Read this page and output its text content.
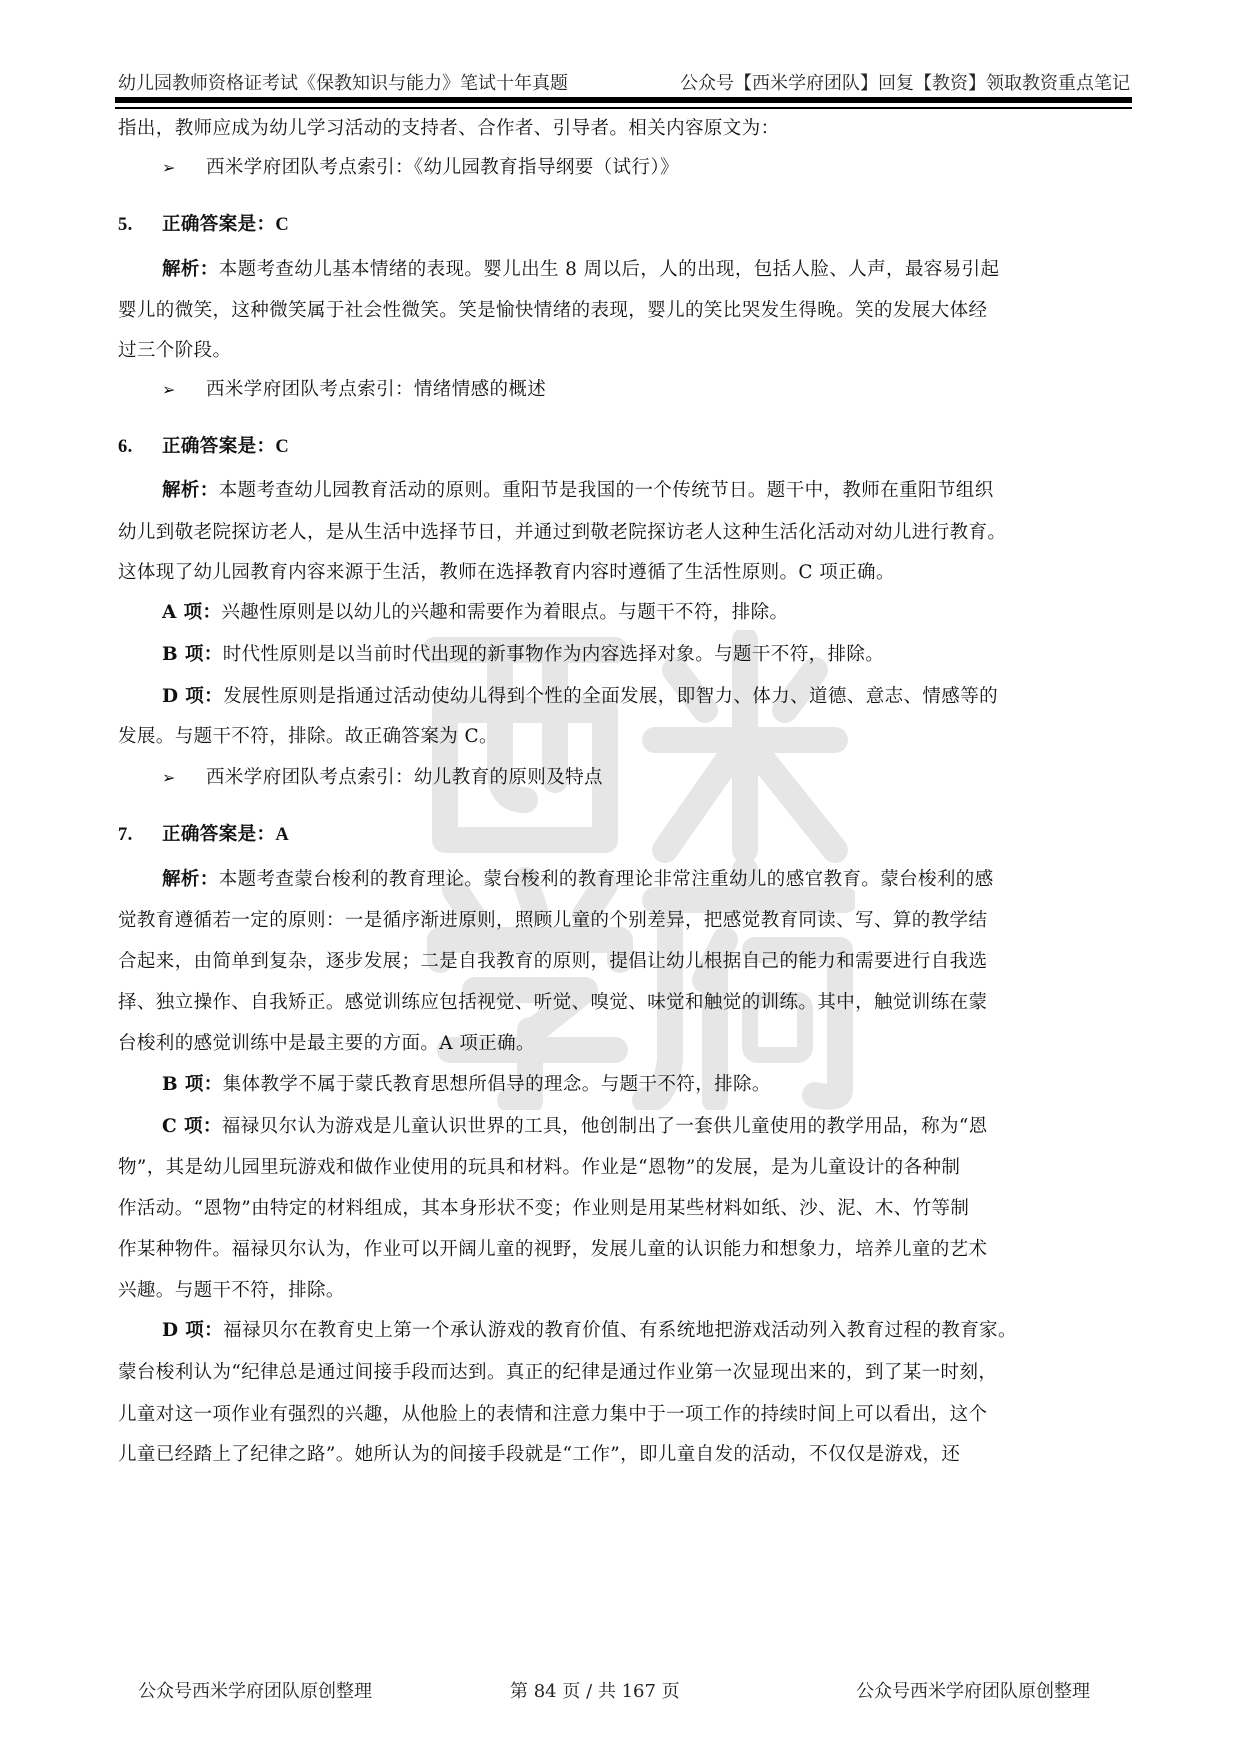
幼儿园教师资格证考试《保教知识与能力》笔试十年真题	公众号【西米学府团队】回复【教资】领取教资重点笔记
指出，教师应成为幼儿学习活动的支持者、合作者、引导者。相关内容原文为：
➢ 西米学府团队考点索引：《幼儿园教育指导纲要（试行）》
5. 正确答案是：C
解析：本题考查幼儿基本情绪的表现。婴儿出生 8 周以后，人的出现，包括人脸、人声，最容易引起
婴儿的微笑，这种微笑属于社会性微笑。笑是愉快情绪的表现，婴儿的笑比哭发生得晚。笑的发展大体经
过三个阶段。
➢ 西米学府团队考点索引：情绪情感的概述
6. 正确答案是：C
解析：本题考查幼儿园教育活动的原则。重阳节是我国的一个传统节日。题干中，教师在重阳节组织
幼儿到敬老院探访老人，是从生活中选择节日，并通过到敬老院探访老人这种生活化活动对幼儿进行教育。
这体现了幼儿园教育内容来源于生活，教师在选择教育内容时遵循了生活性原则。C 项正确。
A 项：兴趣性原则是以幼儿的兴趣和需要作为着眼点。与题干不符，排除。
B 项：时代性原则是以当前时代出现的新事物作为内容选择对象。与题干不符，排除。
D 项：发展性原则是指通过活动使幼儿得到个性的全面发展，即智力、体力、道德、意志、情感等的
发展。与题干不符，排除。故正确答案为 C。
➢ 西米学府团队考点索引：幼儿教育的原则及特点
7. 正确答案是：A
解析：本题考查蒙台梭利的教育理论。蒙台梭利的教育理论非常注重幼儿的感官教育。蒙台梭利的感
觉教育遵循若一定的原则：一是循序渐进原则，照顾儿童的个别差异，把感觉教育同读、写、算的教学结
合起来，由简单到复杂，逐步发展；二是自我教育的原则，提倡让幼儿根据自己的能力和需要进行自我选
择、独立操作、自我矫正。感觉训练应包括视觉、听觉、嗅觉、味觉和触觉的训练。其中，触觉训练在蒙
台梭利的感觉训练中是最主要的方面。A 项正确。
B 项：集体教学不属于蒙氏教育思想所倡导的理念。与题干不符，排除。
C 项：福禄贝尔认为游戏是儿童认识世界的工具，他创制出了一套供儿童使用的教学用品，称为“恩
物”，其是幼儿园里玩游戏和做作业使用的玩具和材料。作业是“恩物”的发展，是为儿童设计的各种制
作活动。“恩物”由特定的材料组成，其本身形状不变；作业则是用某些材料如纸、沙、泥、木、竹等制
作某种物件。福禄贝尔认为，作业可以开阔儿童的视野，发展儿童的认识能力和想象力，培养儿童的艺术
兴趣。与题干不符，排除。
D 项：福禄贝尔在教育史上第一个承认游戏的教育价值、有系统地把游戏活动列入教育过程的教育家。
蒙台梭利认为“纪律总是通过间接手段而达到。真正的纪律是通过作业第一次显现出来的，到了某一时刻，
儿童对这一项作业有强烈的兴趣，从他脸上的表情和注意力集中于一项工作的持续时间上可以看出，这个
儿童已经踏上了纪律之路”。她所认为的间接手段就是“工作”，即儿童自发的活动，不仅仅是游戏，还
公众号西米学府团队原创整理	第 84 页 / 共 167 页	公众号西米学府团队原创整理
